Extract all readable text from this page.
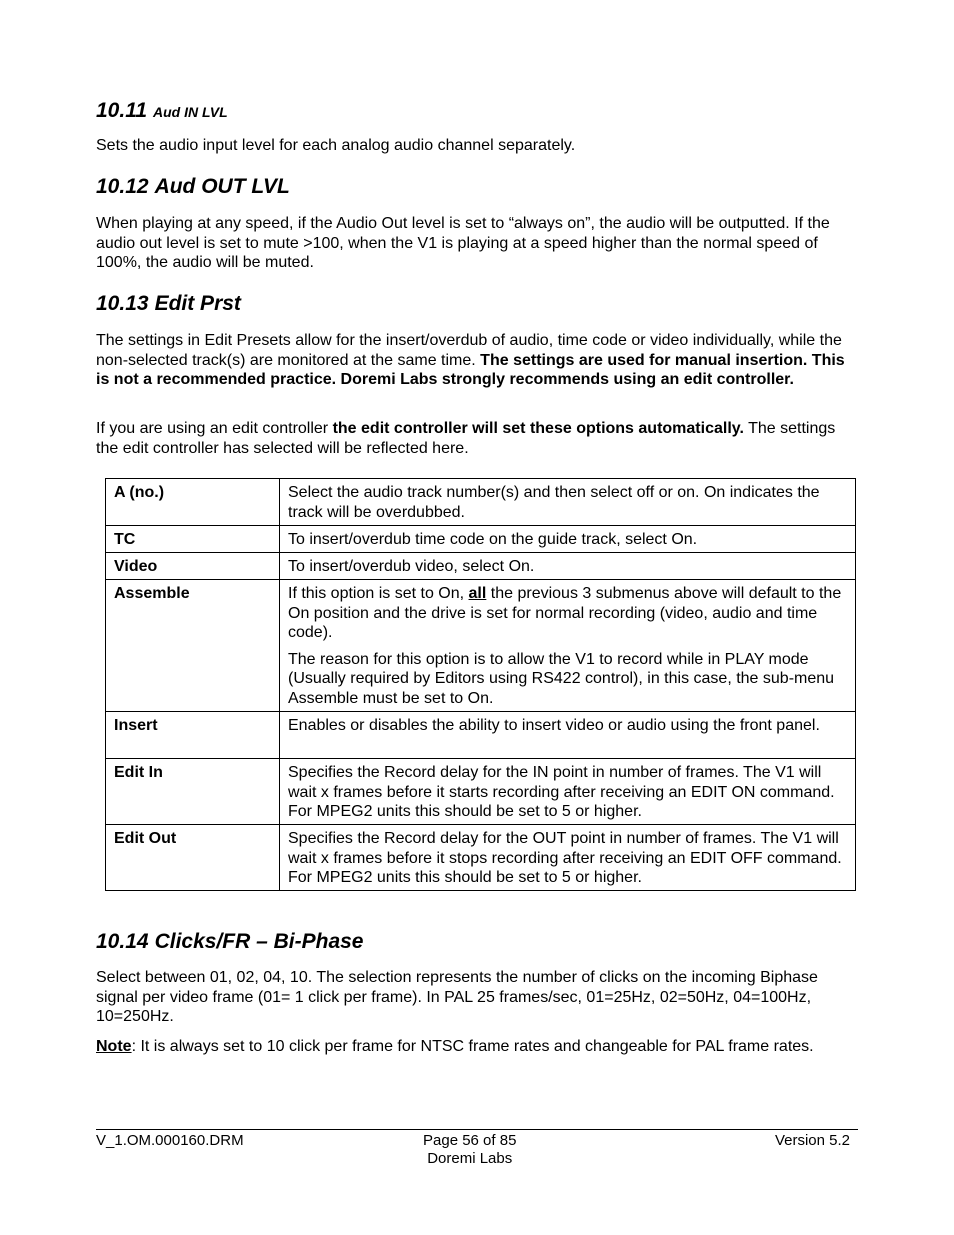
10.11 Aud IN LVL

Sets the audio input level for each analog audio channel separately.

10.12 Aud OUT LVL

When playing at any speed, if the Audio Out level is set to “always on”, the audio will be outputted. If the audio out level is set to mute >100, when the V1 is playing at a speed higher than the normal speed of 100%, the audio will be muted.

10.13 Edit Prst

The settings in Edit Presets allow for the insert/overdub of audio, time code or video individually, while the non-selected track(s) are monitored at the same time. The settings are used for manual insertion. This is not a recommended practice. Doremi Labs strongly recommends using an edit controller.

If you are using an edit controller the edit controller will set these options automatically. The settings the edit controller has selected will be reflected here.

10.14 Clicks/FR – Bi-Phase

Select between 01, 02, 04, 10. The selection represents the number of clicks on the incoming Biphase signal per video frame (01= 1 click per frame). In PAL 25 frames/sec, 01=25Hz, 02=50Hz, 04=100Hz, 10=250Hz.

Note: It is always set to 10 click per frame for NTSC frame rates and changeable for PAL frame rates.

A (no.)	Select the audio track number(s) and then select off or on. On indicates the track will be overdubbed.
TC	To insert/overdub time code on the guide track, select On.
Video	To insert/overdub video, select On.
Assemble	If this option is set to On, all the previous 3 submenus above will default to the On position and the drive is set for normal recording (video, audio and time code).

The reason for this option is to allow the V1 to record while in PLAY mode (Usually required by Editors using RS422 control), in this case, the sub-menu Assemble must be set to On.

Insert	Enables or disables the ability to insert video or audio using the front panel.
Edit In	Specifies the Record delay for the IN point in number of frames. The V1 will wait x frames before it starts recording after receiving an EDIT ON command. For MPEG2 units this should be set to 5 or higher.
Edit Out	Specifies the Record delay for the OUT point in number of frames. The V1 will wait x frames before it stops recording after receiving an EDIT OFF command. For MPEG2 units this should be set to 5 or higher.
V_1.OM.000160.DRM	Page 56 of 85
Doremi Labs
Version 5.2
